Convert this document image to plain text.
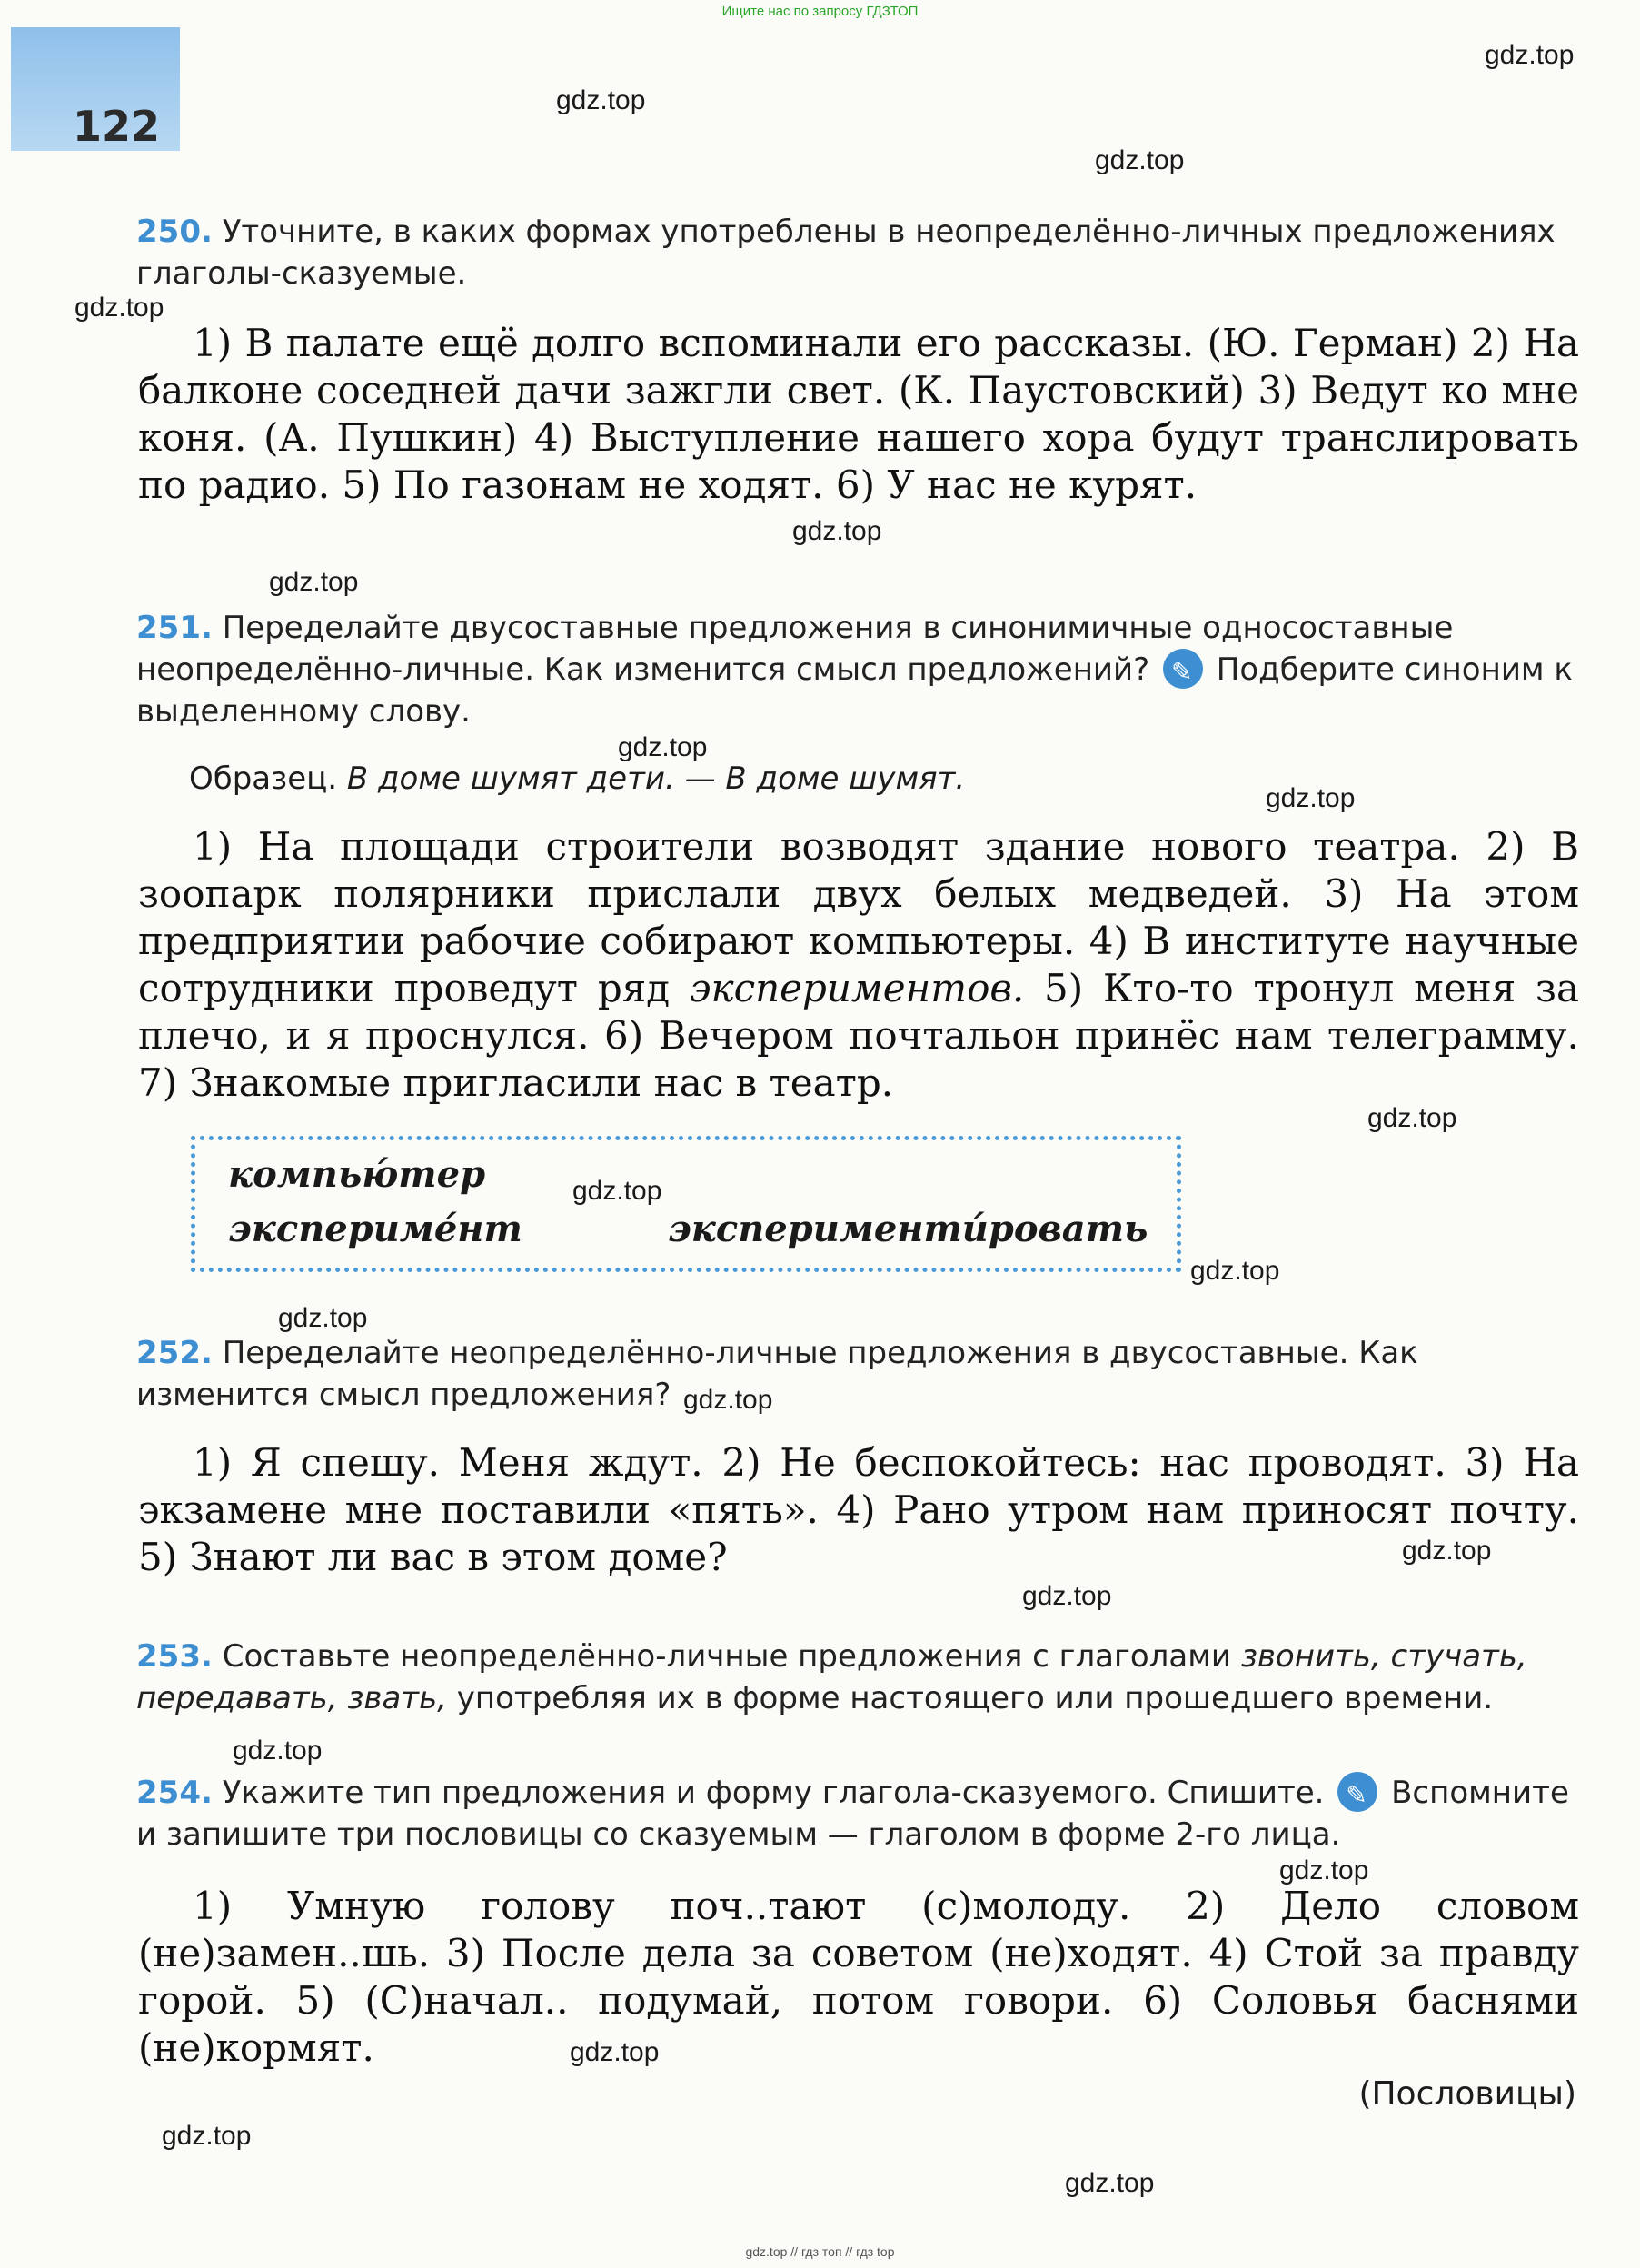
Ищите нас по запросу ГДЗТОП
122
gdz.top
gdz.top
gdz.top
gdz.top
gdz.top
gdz.top
gdz.top
gdz.top
gdz.top
gdz.top
gdz.top
gdz.top
gdz.top
gdz.top
gdz.top
gdz.top
gdz.top
gdz.top
gdz.top
gdz.top
250. Уточните, в каких формах употреблены в неопределённо-личных предложениях глаголы-сказуемые.
1) В палате ещё долго вспоминали его рассказы. (Ю. Герман) 2) На балконе соседней дачи зажгли свет. (К. Паустовский) 3) Ведут ко мне коня. (А. Пушкин) 4) Выступление нашего хора будут транслировать по радио. 5) По газонам не ходят. 6) У нас не курят.
251. Переделайте двусоставные предложения в синонимичные односоставные неопределённо-личные. Как изменится смысл предложений? ✎ Подберите синоним к выделенному слову.
Образец. В доме шумят дети. — В доме шумят.
1) На площади строители возводят здание нового театра. 2) В зоопарк полярники прислали двух белых медведей. 3) На этом предприятии рабочие собирают компьютеры. 4) В институте научные сотрудники проведут ряд экспериментов. 5) Кто-то тронул меня за плечо, и я проснулся. 6) Вечером почтальон принёс нам телеграмму. 7) Знакомые пригласили нас в театр.
компью́тер
экспериме́нт	эксперименти́ровать
252. Переделайте неопределённо-личные предложения в двусоставные. Как изменится смысл предложения?
1) Я спешу. Меня ждут. 2) Не беспокойтесь: нас проводят. 3) На экзамене мне поставили «пять». 4) Рано утром нам приносят почту. 5) Знают ли вас в этом доме?
253. Составьте неопределённо-личные предложения с глаголами звонить, стучать, передавать, звать, употребляя их в форме настоящего или прошедшего времени.
254. Укажите тип предложения и форму глагола-сказуемого. Спишите. ✎ Вспомните и запишите три пословицы со сказуемым — глаголом в форме 2-го лица.
1) Умную голову поч..тают (с)молоду. 2) Дело словом (не)замен..шь. 3) После дела за советом (не)ходят. 4) Стой за правду горой. 5) (С)начал.. подумай, потом говори. 6) Соловья баснями (не)кормят.
(Пословицы)
gdz.top // гдз топ // гдз top
